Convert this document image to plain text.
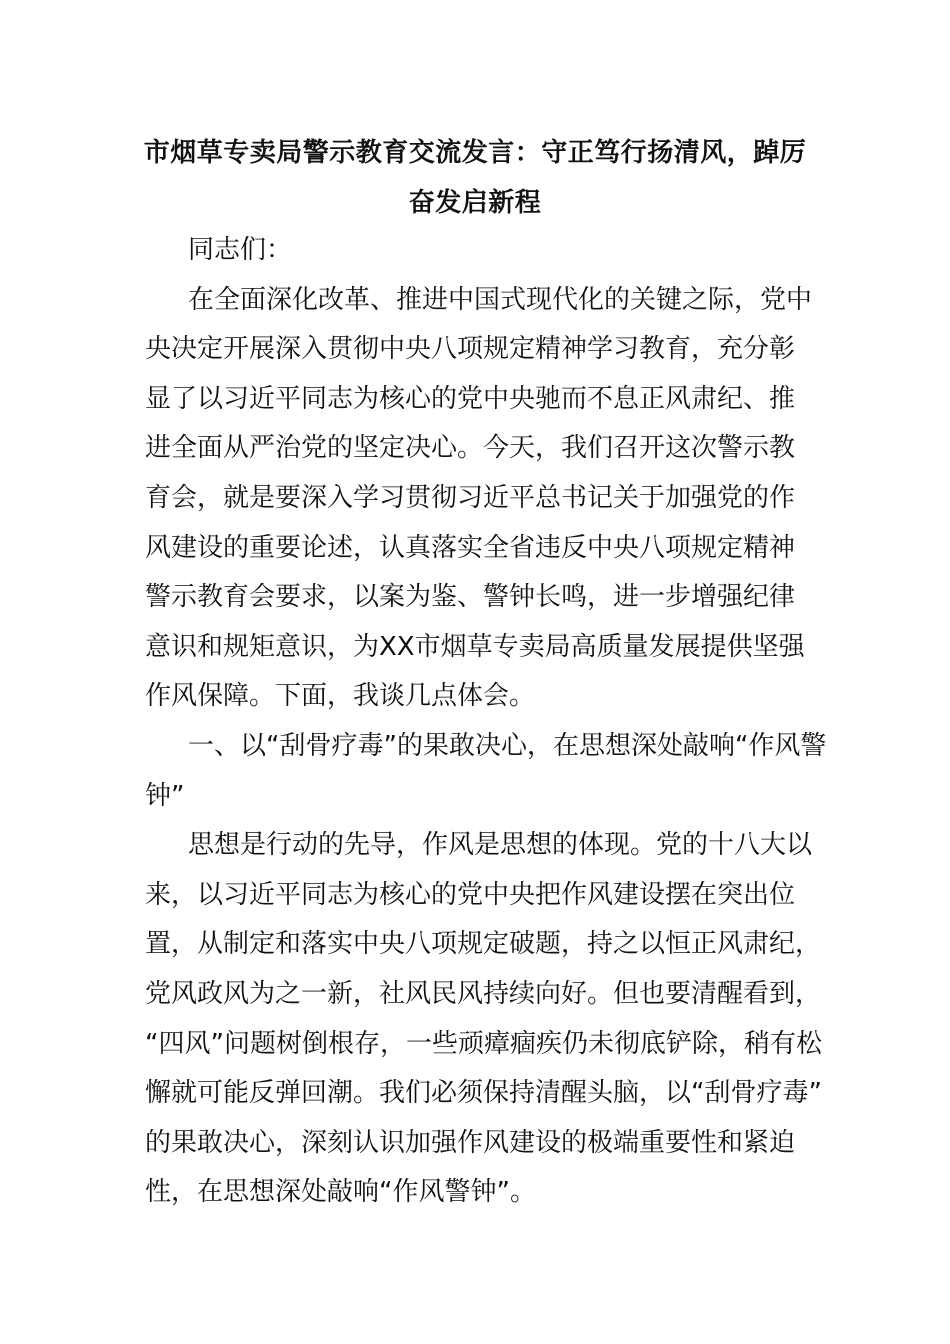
市烟草专卖局警示教育交流发言：守正笃行扬清风，踔厉
奋发启新程
同志们：
在全面深化改革、推进中国式现代化的关键之际，党中
央决定开展深入贯彻中央八项规定精神学习教育，充分彰
显了以习近平同志为核心的党中央驰而不息正风肃纪、推
进全面从严治党的坚定决心。今天，我们召开这次警示教
育会，就是要深入学习贯彻习近平总书记关于加强党的作
风建设的重要论述，认真落实全省违反中央八项规定精神
警示教育会要求，以案为鉴、警钟长鸣，进一步增强纪律
意识和规矩意识，为XX市烟草专卖局高质量发展提供坚强
作风保障。下面，我谈几点体会。
一、以“刮骨疗毒”的果敢决心，在思想深处敲响“作风警
钟”
思想是行动的先导，作风是思想的体现。党的十八大以
来，以习近平同志为核心的党中央把作风建设摆在突出位
置，从制定和落实中央八项规定破题，持之以恒正风肃纪，
党风政风为之一新，社风民风持续向好。但也要清醒看到，
“四风”问题树倒根存，一些顽瘴痼疾仍未彻底铲除，稍有松
懈就可能反弹回潮。我们必须保持清醒头脑，以“刮骨疗毒”
的果敢决心，深刻认识加强作风建设的极端重要性和紧迫
性，在思想深处敲响“作风警钟”。
